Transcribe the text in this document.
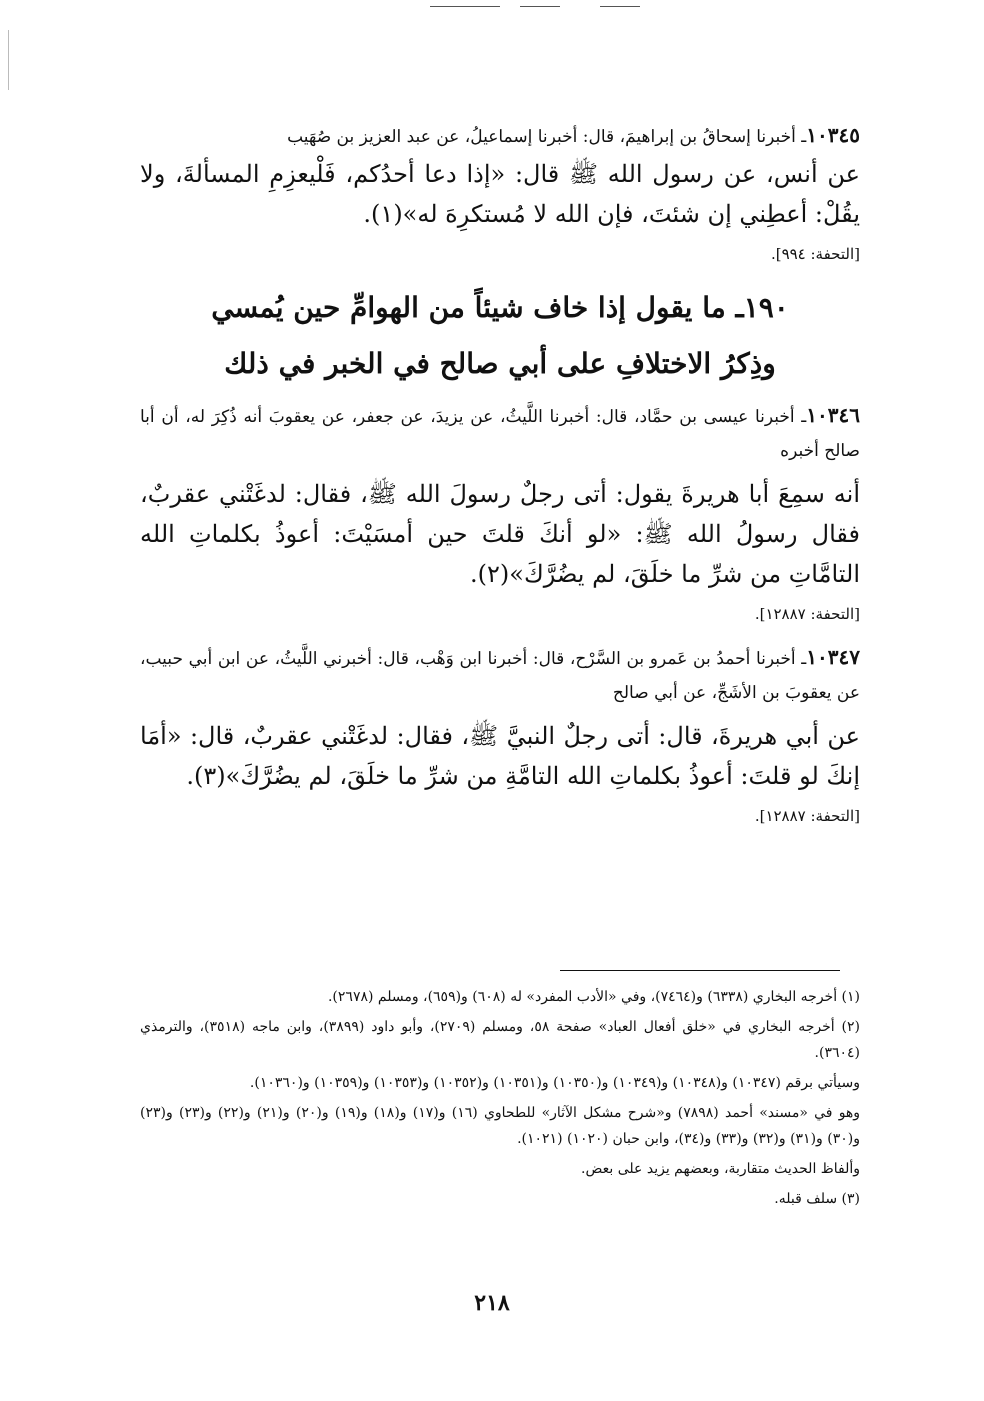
١٠٣٤٥ـ أخبرنا إسحاقُ بن إبراهيمَ، قال: أخبرنا إسماعيلُ، عن عبد العزيز بن صُهَيب

عن أنس، عن رسول الله ﷺ قال: «إذا دعا أحدُكم، فَلْيعزِمِ المسألةَ، ولا يقُلْ: أعطِني إن شئتَ، فإن الله لا مُستكرِهَ له»(١).

[التحفة: ٩٩٤].

١٩٠ـ ما يقول إذا خاف شيئاً من الهوامِّ حين يُمسي
وذِكرُ الاختلافِ على أبي صالح في الخبر في ذلك

١٠٣٤٦ـ أخبرنا عيسى بن حمَّاد، قال: أخبرنا اللَّيثُ، عن يزيدَ، عن جعفر، عن يعقوبَ أنه ذُكِرَ له، أن أبا صالح أخبره

أنه سمِعَ أبا هريرةَ يقول: أتى رجلٌ رسولَ الله ﷺ، فقال: لدغَتْني عقربٌ، فقال رسولُ الله ﷺ: «لو أنكَ قلتَ حين أمسَيْتَ: أعوذُ بكلماتِ الله التامَّاتِ من شرِّ ما خلَقَ، لم يضُرَّكَ»(٢).

[التحفة: ١٢٨٨٧].

١٠٣٤٧ـ أخبرنا أحمدُ بن عَمرو بن السَّرْح، قال: أخبرنا ابن وَهْب، قال: أخبرني اللَّيثُ، عن ابن أبي حبيب، عن يعقوبَ بن الأشَجِّ، عن أبي صالح

عن أبي هريرةَ، قال: أتى رجلٌ النبيَّ ﷺ، فقال: لدغَتْني عقربٌ، قال: «أمَا إنكَ لو قلتَ: أعوذُ بكلماتِ الله التامَّةِ من شرِّ ما خلَقَ، لم يضُرَّكَ»(٣).

[التحفة: ١٢٨٨٧].

(١) أخرجه البخاري (٦٣٣٨) و(٧٤٦٤)، وفي «الأدب المفرد» له (٦٠٨) و(٦٥٩)، ومسلم (٢٦٧٨).

(٢) أخرجه البخاري في «خلق أفعال العباد» صفحة ٥٨، ومسلم (٢٧٠٩)، وأبو داود (٣٨٩٩)، وابن ماجه (٣٥١٨)، والترمذي (٣٦٠٤).

وسيأتي برقم (١٠٣٤٧) و(١٠٣٤٨) و(١٠٣٤٩) و(١٠٣٥٠) و(١٠٣٥١) و(١٠٣٥٢) و(١٠٣٥٣) و(١٠٣٥٩) و(١٠٣٦٠).

وهو في «مسند» أحمد (٧٨٩٨) و«شرح مشكل الآثار» للطحاوي (١٦) و(١٧) و(١٨) و(١٩) و(٢٠) و(٢١) و(٢٢) و(٢٣) و(٢٣) و(٣٠) و(٣١) و(٣٢) و(٣٣) و(٣٤)، وابن حبان (١٠٢٠) (١٠٢١).

وألفاظ الحديث متقاربة، وبعضهم يزيد على بعض.

(٣) سلف قبله.

٢١٨
